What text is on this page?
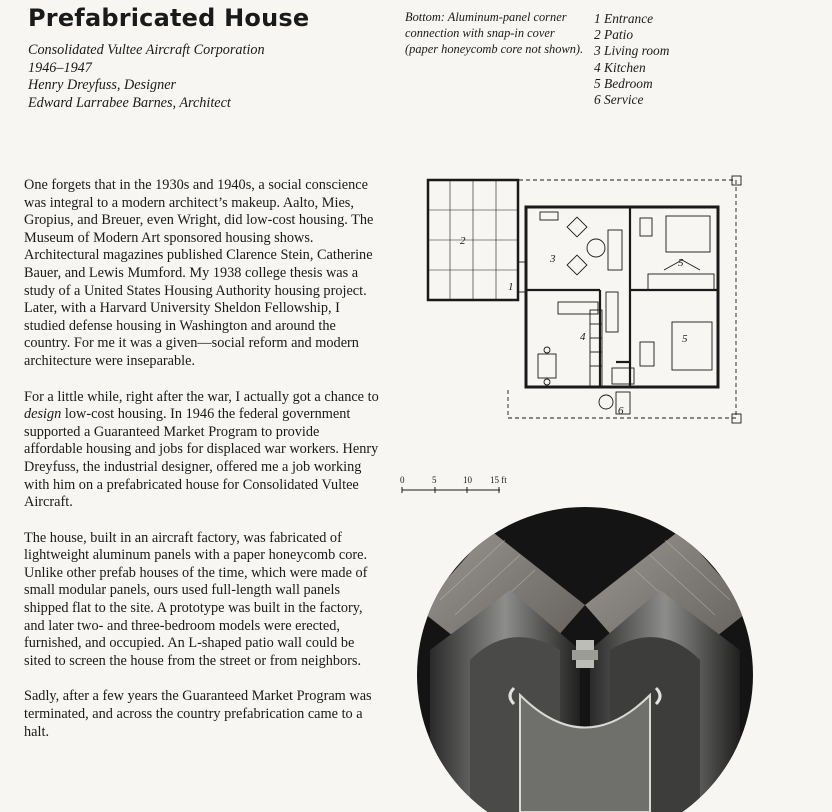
Prefabricated House
Consolidated Vultee Aircraft Corporation
1946–1947
Henry Dreyfuss, Designer
Edward Larrabee Barnes, Architect
Bottom: Aluminum-panel corner connection with snap-in cover (paper honeycomb core not shown).
1 Entrance
2 Patio
3 Living room
4 Kitchen
5 Bedroom
6 Service

One forgets that in the 1930s and 1940s, a social conscience was integral to a modern architect’s makeup. Aalto, Mies, Gropius, and Breuer, even Wright, did low-cost housing. The Museum of Modern Art sponsored housing shows. Architectural magazines published Clarence Stein, Catherine Bauer, and Lewis Mumford. My 1938 college thesis was a study of a United States Housing Authority housing project. Later, with a Harvard University Sheldon Fellowship, I studied defense housing in Washington and around the country. For me it was a given—social reform and modern architecture were inseparable.

For a little while, right after the war, I actually got a chance to design low-cost housing. In 1946 the federal government supported a Guaranteed Market Program to provide affordable housing and jobs for displaced war workers. Henry Dreyfuss, the industrial designer, offered me a job working with him on a prefabricated house for Consolidated Vultee Aircraft.

The house, built in an aircraft factory, was fabricated of lightweight aluminum panels with a paper honeycomb core. Unlike other prefab houses of the time, which were made of small modular panels, ours used full-length wall panels shipped flat to the site. A prototype was built in the factory, and later two- and three-bedroom models were erected, furnished, and occupied. An L-shaped patio wall could be sited to screen the house from the street or from neighbors.

Sadly, after a few years the Guaranteed Market Program was terminated, and across the country prefabrication came to a halt.

2
3	5
1
4	5
6
0	5	10 15 ft
